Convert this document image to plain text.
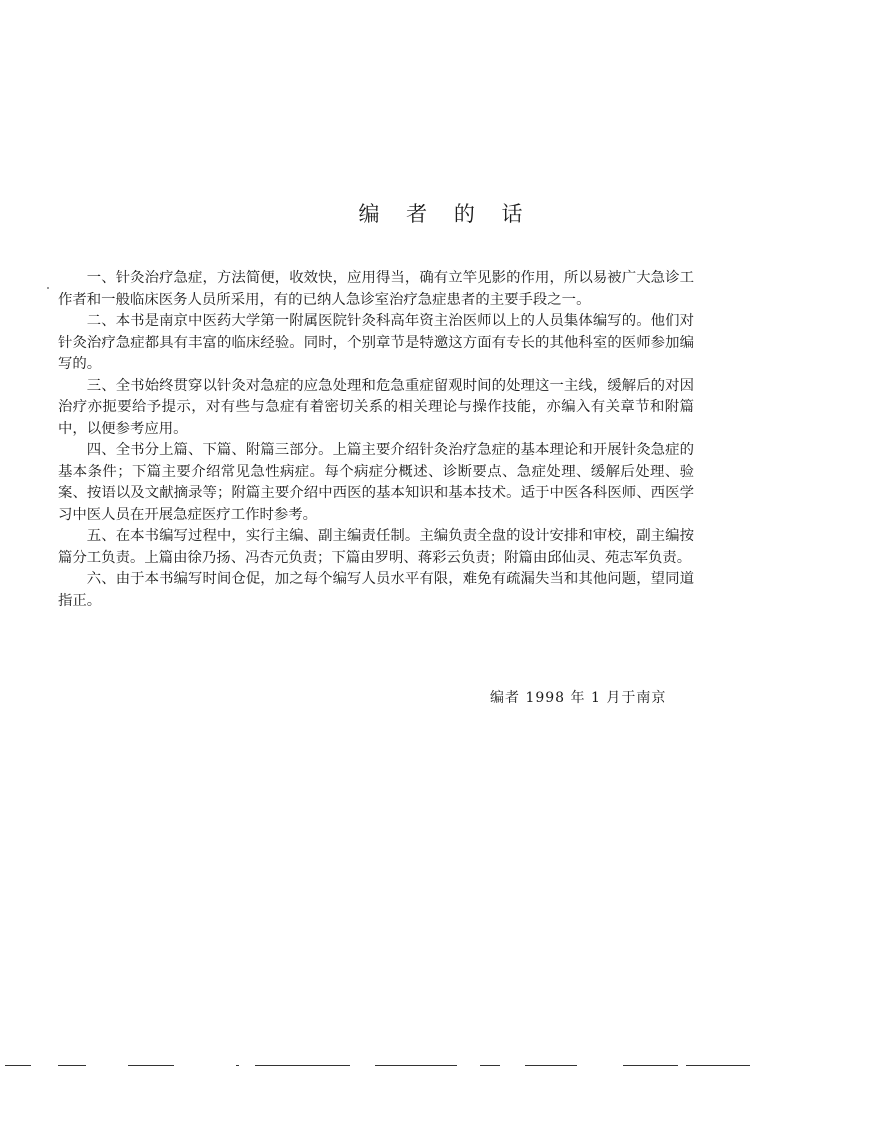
编 者 的 话

一、针灸治疗急症，方法简便，收效快，应用得当，确有立竿见影的作用，所以易被广大急诊工作者和一般临床医务人员所采用，有的已纳人急诊室治疗急症患者的主要手段之一。

二、本书是南京中医药大学第一附属医院针灸科高年资主治医师以上的人员集体编写的。他们对针灸治疗急症都具有丰富的临床经验。同时，个别章节是特邀这方面有专长的其他科室的医师参加编写的。

三、全书始终贯穿以针灸对急症的应急处理和危急重症留观时间的处理这一主线，缓解后的对因治疗亦扼要给予提示，对有些与急症有着密切关系的相关理论与操作技能，亦编入有关章节和附篇中，以便参考应用。

四、全书分上篇、下篇、附篇三部分。上篇主要介绍针灸治疗急症的基本理论和开展针灸急症的基本条件；下篇主要介绍常见急性病症。每个病症分概述、诊断要点、急症处理、缓解后处理、验案、按语以及文献摘录等；附篇主要介绍中西医的基本知识和基本技术。适于中医各科医师、西医学习中医人员在开展急症医疗工作时参考。

五、在本书编写过程中，实行主编、副主编责任制。主编负责全盘的设计安排和审校，副主编按篇分工负责。上篇由徐乃扬、冯杏元负责；下篇由罗明、蒋彩云负责；附篇由邱仙灵、苑志军负责。

六、由于本书编写时间仓促，加之每个编写人员水平有限，难免有疏漏失当和其他问题，望同道指正。

编者 1998 年 1 月于南京
